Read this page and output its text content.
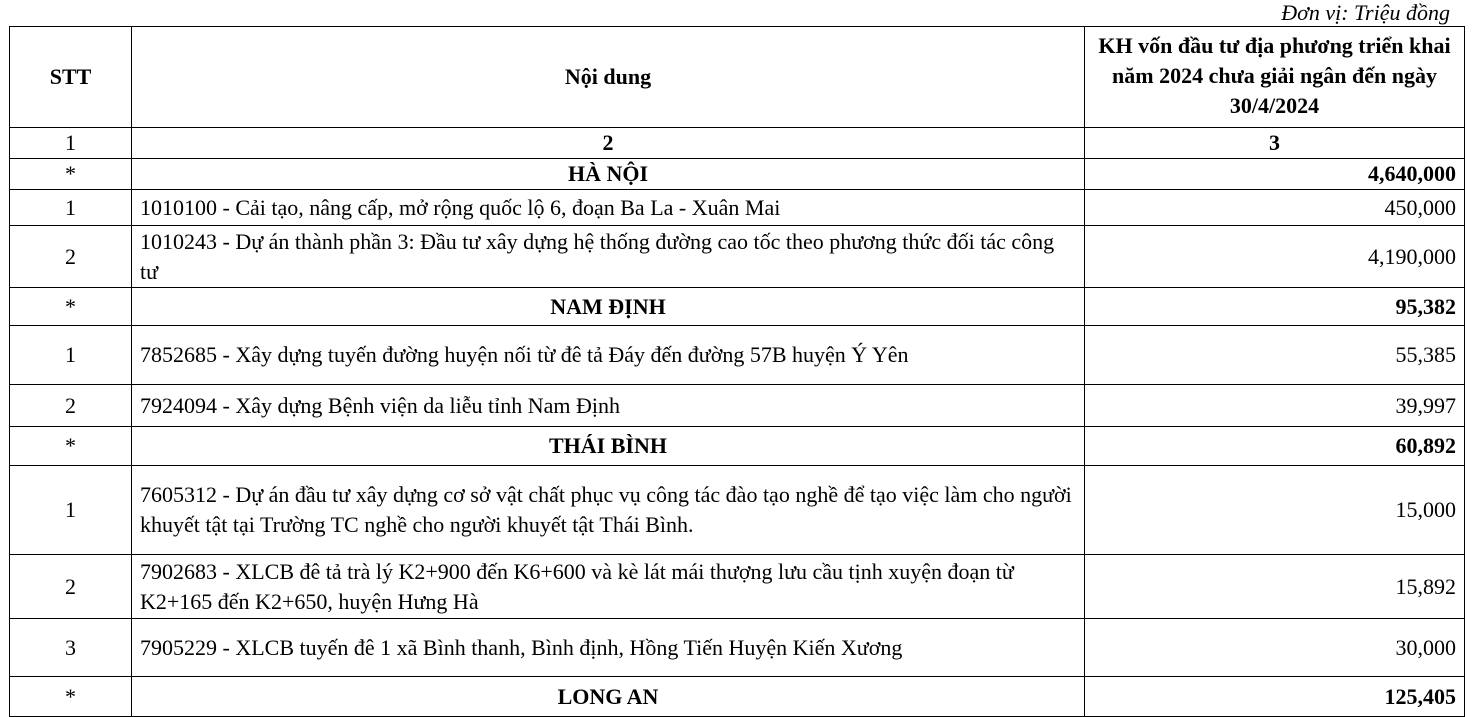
Đơn vị: Triệu đồng
STT	Nội dung	KH vốn đầu tư địa phương triển khai năm 2024 chưa giải ngân đến ngày 30/4/2024
1	2	3
*	HÀ NỘI	4,640,000
1	1010100 - Cải tạo, nâng cấp, mở rộng quốc lộ 6, đoạn Ba La - Xuân Mai	450,000
2	1010243 - Dự án thành phần 3: Đầu tư xây dựng hệ thống đường cao tốc theo phương thức đối tác công tư	4,190,000
*	NAM ĐỊNH	95,382
1	7852685 - Xây dựng tuyến đường huyện nối từ đê tả Đáy đến đường 57B huyện Ý Yên	55,385
2	7924094 - Xây dựng Bệnh viện da liễu tỉnh Nam Định	39,997
*	THÁI BÌNH	60,892
1	7605312 - Dự án đầu tư xây dựng cơ sở vật chất phục vụ công tác đào tạo nghề để tạo việc làm cho người khuyết tật tại Trường TC nghề cho người khuyết tật Thái Bình.	15,000
2	7902683 - XLCB đê tả trà lý K2+900 đến K6+600 và kè lát mái thượng lưu cầu tịnh xuyện đoạn từ K2+165 đến K2+650, huyện Hưng Hà	15,892
3	7905229 - XLCB tuyến đê 1 xã Bình thanh, Bình định, Hồng Tiến Huyện Kiến Xương	30,000
*	LONG AN	125,405
